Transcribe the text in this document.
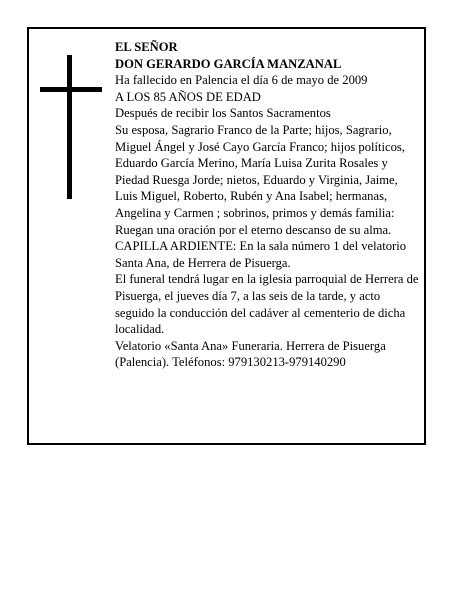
EL SEÑOR

DON GERARDO GARCÍA MANZANAL

Ha fallecido en Palencia el día 6 de mayo de 2009

A LOS 85 AÑOS DE EDAD

Después de recibir los Santos Sacramentos

Su esposa, Sagrario Franco de la Parte; hijos, Sagrario, Miguel Ángel y José Cayo García Franco; hijos políticos, Eduardo García Merino, María Luisa Zurita Rosales y Piedad Ruesga Jorde; nietos, Eduardo y Virginia, Jaime, Luis Miguel, Roberto, Rubén y Ana Isabel; hermanas, Angelina y Carmen ; sobrinos, primos y demás familia:

Ruegan una oración por el eterno descanso de su alma.

CAPILLA ARDIENTE: En la sala número 1 del velatorio Santa Ana, de Herrera de Pisuerga.

El funeral tendrá lugar en la iglesia parroquial de Herrera de Pisuerga, el jueves día 7, a las seis de la tarde, y acto seguido la conducción del cadáver al cementerio de dicha localidad.

Velatorio «Santa Ana» Funeraria. Herrera de Pisuerga (Palencia). Teléfonos: 979130213-979140290
